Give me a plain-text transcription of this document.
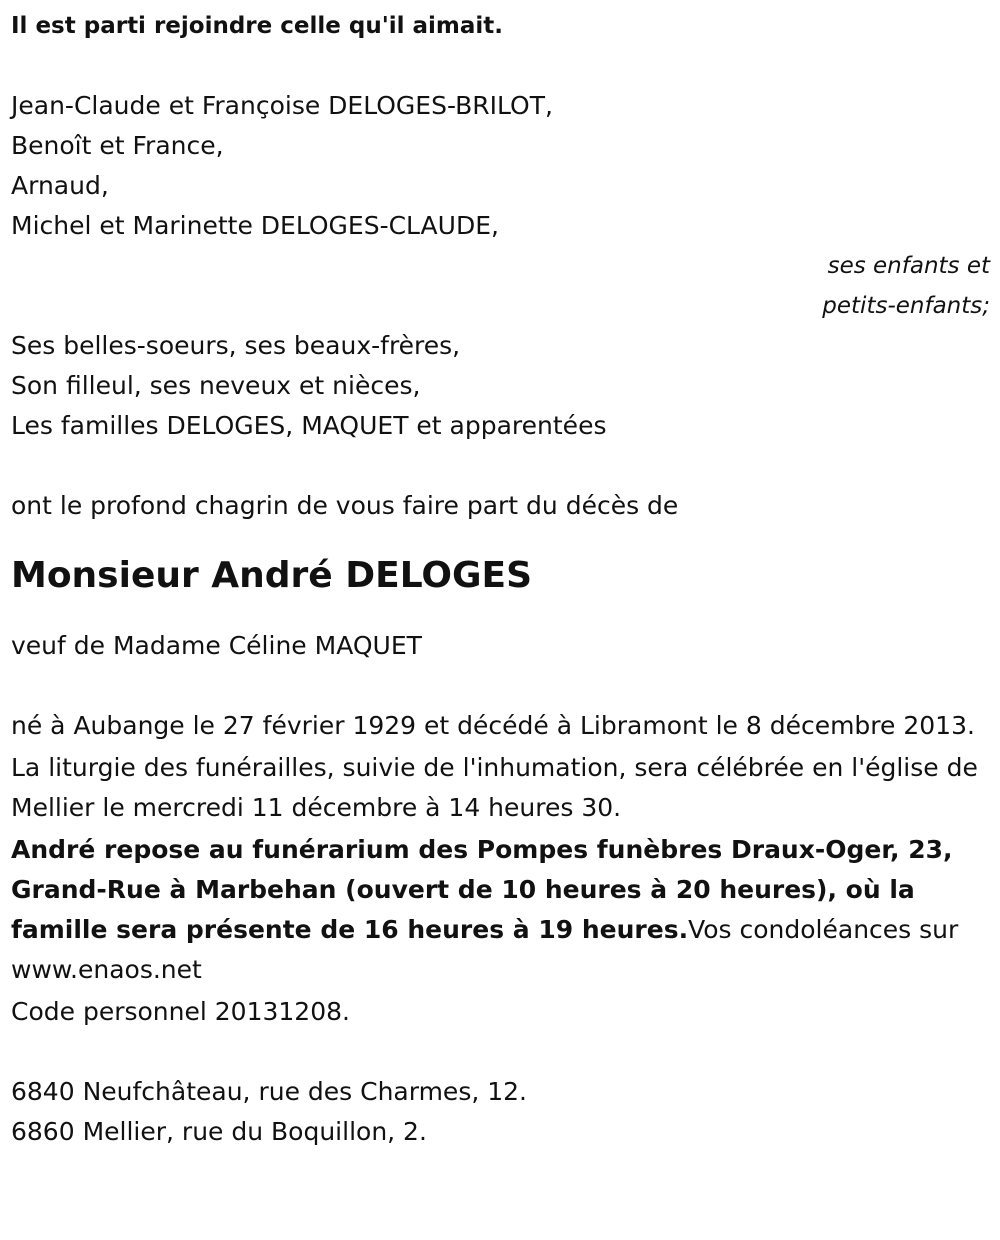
Il est parti rejoindre celle qu'il aimait.
Jean-Claude et Françoise DELOGES-BRILOT,
Benoît et France,
Arnaud,
Michel et Marinette DELOGES-CLAUDE,
ses enfants et
petits-enfants;
Ses belles-soeurs, ses beaux-frères,
Son filleul, ses neveux et nièces,
Les familles DELOGES, MAQUET et apparentées
ont le profond chagrin de vous faire part du décès de
Monsieur André DELOGES
veuf de Madame Céline MAQUET

né à Aubange le 27 février 1929 et décédé à Libramont le 8 décembre 2013.

La liturgie des funérailles, suivie de l'inhumation, sera célébrée en l'église de Mellier le mercredi 11 décembre à 14 heures 30.

André repose au funérarium des Pompes funèbres Draux-Oger, 23, Grand-Rue à Marbehan (ouvert de 10 heures à 20 heures), où la famille sera présente de 16 heures à 19 heures.Vos condoléances sur www.enaos.net

Code personnel 20131208.
6840 Neufchâteau, rue des Charmes, 12.
6860 Mellier, rue du Boquillon, 2.
